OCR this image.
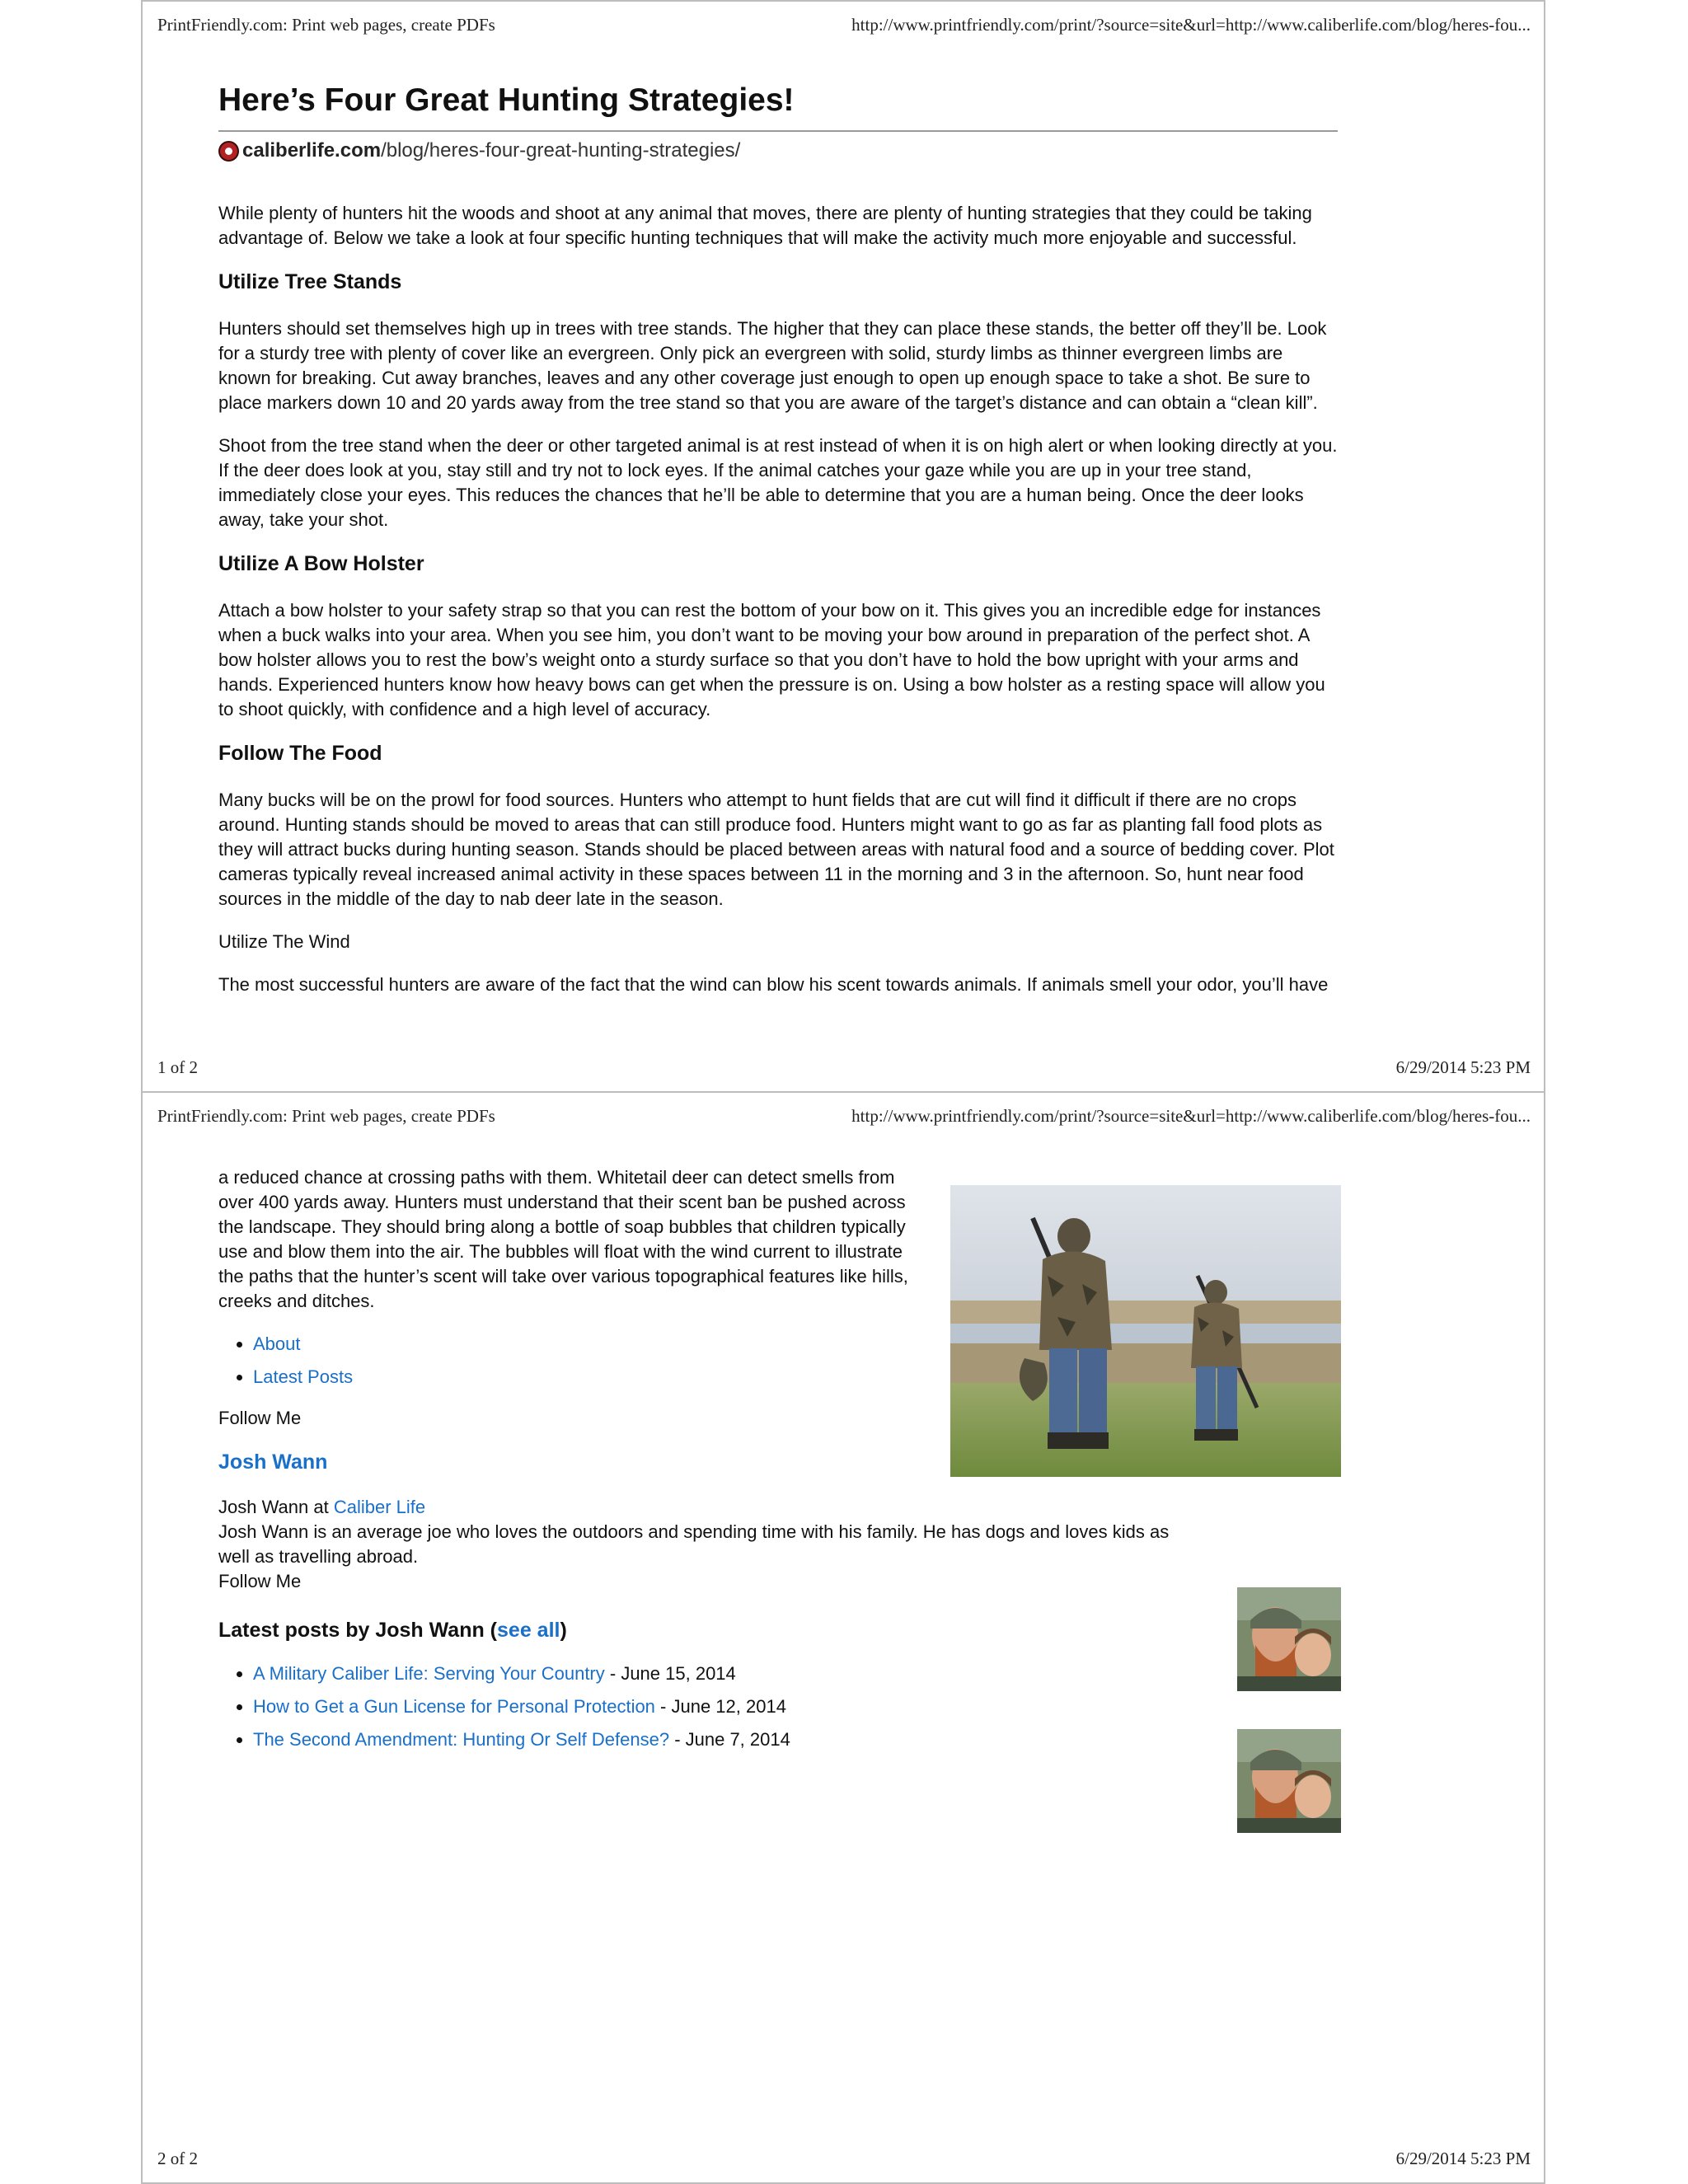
PrintFriendly.com: Print web pages, create PDFs	http://www.printfriendly.com/print/?source=site&url=http://www.caliberlife.com/blog/heres-fou...
Here’s Four Great Hunting Strategies!
caliberlife.com /blog/heres-four-great-hunting-strategies/

While plenty of hunters hit the woods and shoot at any animal that moves, there are plenty of hunting strategies that they could be taking advantage of. Below we take a look at four specific hunting techniques that will make the activity much more enjoyable and successful.

Utilize Tree Stands

Hunters should set themselves high up in trees with tree stands. The higher that they can place these stands, the better off they’ll be. Look for a sturdy tree with plenty of cover like an evergreen. Only pick an evergreen with solid, sturdy limbs as thinner evergreen limbs are known for breaking. Cut away branches, leaves and any other coverage just enough to open up enough space to take a shot. Be sure to place markers down 10 and 20 yards away from the tree stand so that you are aware of the target’s distance and can obtain a “clean kill”.

Shoot from the tree stand when the deer or other targeted animal is at rest instead of when it is on high alert or when looking directly at you. If the deer does look at you, stay still and try not to lock eyes. If the animal catches your gaze while you are up in your tree stand, immediately close your eyes. This reduces the chances that he’ll be able to determine that you are a human being. Once the deer looks away, take your shot.

Utilize A Bow Holster

Attach a bow holster to your safety strap so that you can rest the bottom of your bow on it. This gives you an incredible edge for instances when a buck walks into your area. When you see him, you don’t want to be moving your bow around in preparation of the perfect shot. A bow holster allows you to rest the bow’s weight onto a sturdy surface so that you don’t have to hold the bow upright with your arms and hands. Experienced hunters know how heavy bows can get when the pressure is on. Using a bow holster as a resting space will allow you to shoot quickly, with confidence and a high level of accuracy.

Follow The Food

Many bucks will be on the prowl for food sources. Hunters who attempt to hunt fields that are cut will find it difficult if there are no crops around. Hunting stands should be moved to areas that can still produce food. Hunters might want to go as far as planting fall food plots as they will attract bucks during hunting season. Stands should be placed between areas with natural food and a source of bedding cover. Plot cameras typically reveal increased animal activity in these spaces between 11 in the morning and 3 in the afternoon. So, hunt near food sources in the middle of the day to nab deer late in the season.

Utilize The Wind

The most successful hunters are aware of the fact that the wind can blow his scent towards animals. If animals smell your odor, you’ll have

1 of 2	6/29/2014 5:23 PM
PrintFriendly.com: Print web pages, create PDFs	http://www.printfriendly.com/print/?source=site&url=http://www.caliberlife.com/blog/heres-fou...

a reduced chance at crossing paths with them. Whitetail deer can detect smells from over 400 yards away. Hunters must understand that their scent ban be pushed across the landscape. They should bring along a bottle of soap bubbles that children typically use and blow them into the air. The bubbles will float with the wind current to illustrate the paths that the hunter’s scent will take over various topographical features like hills, creeks and ditches.

• About
• Latest Posts

Follow Me

Josh Wann
Josh Wann at Caliber Life
Josh Wann is an average joe who loves the outdoors and spending time with his family. He has dogs and loves kids as well as travelling abroad.
Follow Me
Latest posts by Josh Wann (see all)
• A Military Caliber Life: Serving Your Country - June 15, 2014
• How to Get a Gun License for Personal Protection - June 12, 2014
• The Second Amendment: Hunting Or Self Defense? - June 7, 2014
2 of 2	6/29/2014 5:23 PM
